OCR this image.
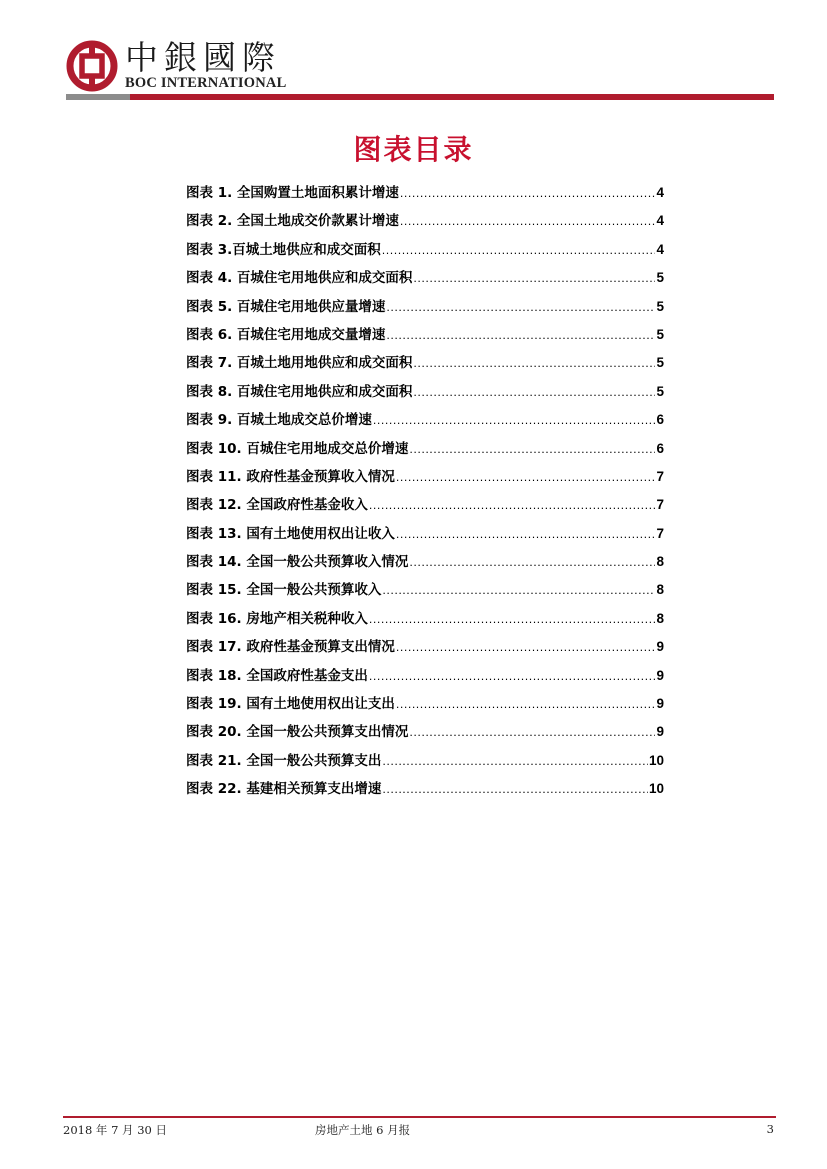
中銀國際
BOC INTERNATIONAL
图表目录
图表 1. 全国购置土地面积累计增速 .....	4
图表 2. 全国土地成交价款累计增速 .....	4
图表 3.百城土地供应和成交面积 .....	4
图表 4. 百城住宅用地供应和成交面积 .....	5
图表 5. 百城住宅用地供应量增速 .....	5
图表 6. 百城住宅用地成交量增速 .....	5
图表 7. 百城土地用地供应和成交面积 .....	5
图表 8. 百城住宅用地供应和成交面积 .....	5
图表 9. 百城土地成交总价增速 .....	6
图表 10. 百城住宅用地成交总价增速 .....	6
图表 11. 政府性基金预算收入情况 .....	7
图表 12. 全国政府性基金收入 .....	7
图表 13. 国有土地使用权出让收入 .....	7
图表 14. 全国一般公共预算收入情况 .....	8
图表 15. 全国一般公共预算收入 .....	8
图表 16. 房地产相关税种收入 .....	8
图表 17. 政府性基金预算支出情况 .....	9
图表 18. 全国政府性基金支出 .....	9
图表 19. 国有土地使用权出让支出 .....	9
图表 20. 全国一般公共预算支出情况 .....	9
图表 21. 全国一般公共预算支出 .....	10
图表 22. 基建相关预算支出增速 .....	10
2018 年 7 月 30 日	房地产土地 6 月报	3
